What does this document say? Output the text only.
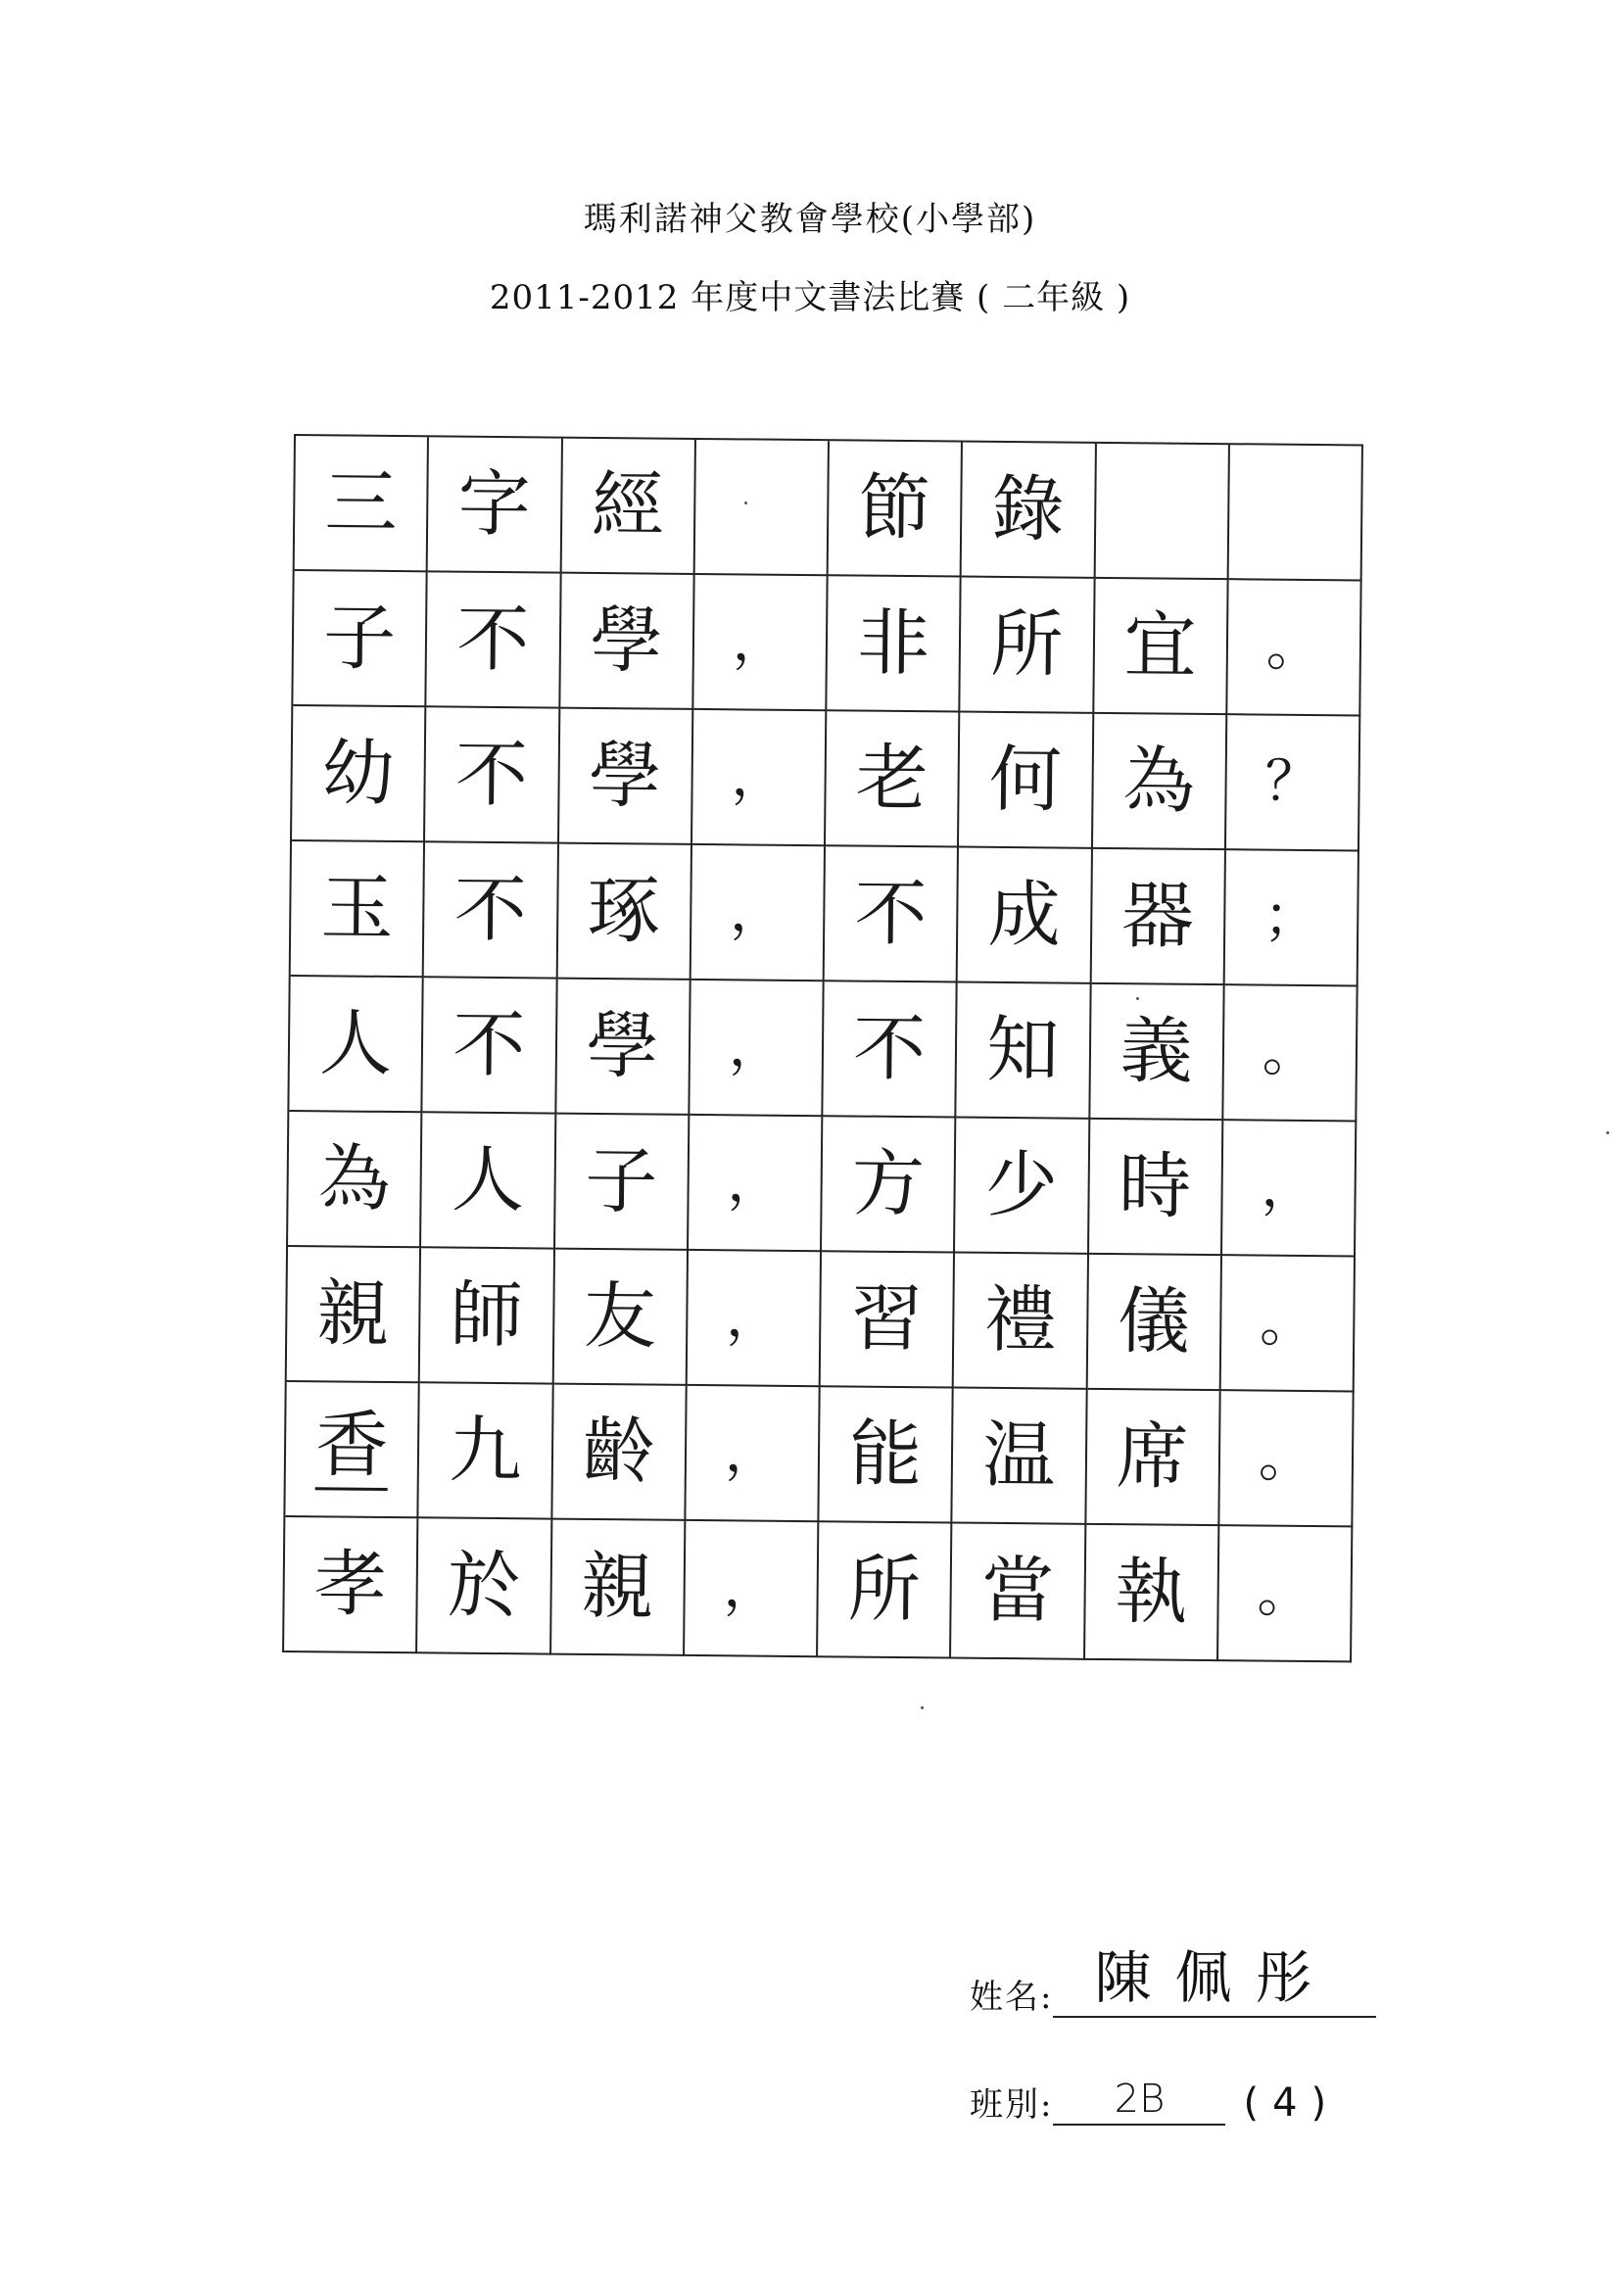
瑪利諾神父教會學校(小學部)
2011-2012 年度中文書法比賽 ( 二年級 )
三 字 經	節 錄
子 不 學 ， 非 所 宜 。
幼 不 學 ， 老 何 為 ？
玉 不 琢 ， 不 成 器 ；
人 不 學 ， 不 知 義 。
為 人 子 ， 方 少 時 ，
親 師 友 ， 習 禮 儀 。
香 九 齡 ， 能 温 席 。
孝 於 親 ， 所 當 執 。
姓名: 陳佩彤
班別:	2B	(4)
